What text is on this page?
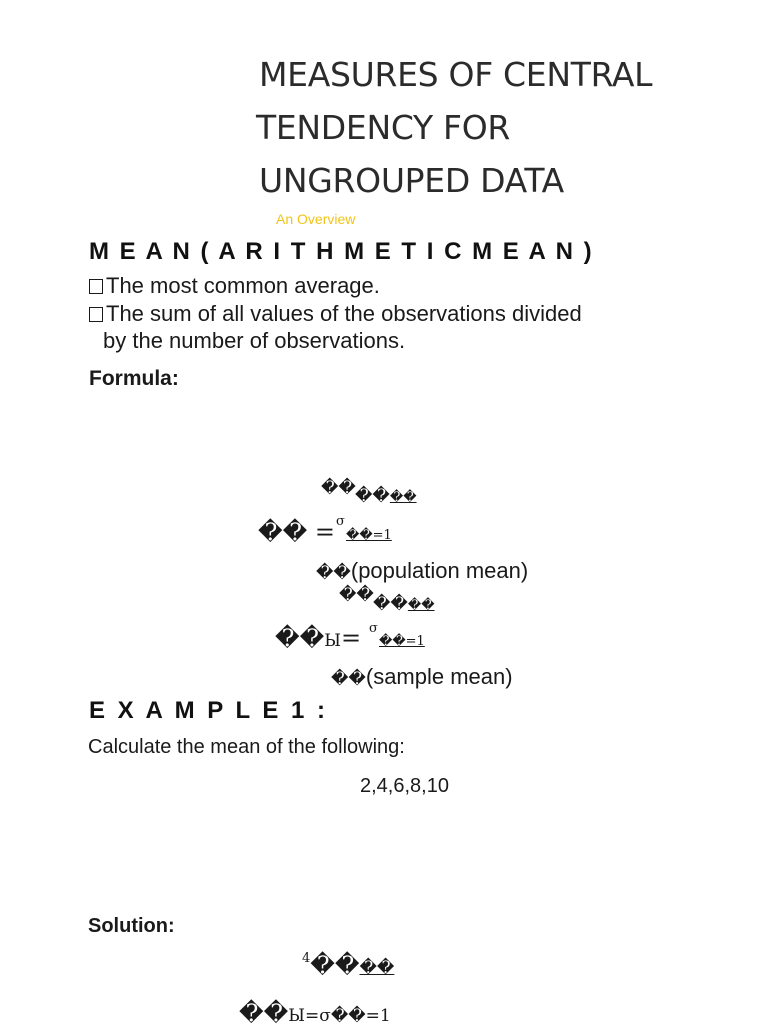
MEASURES OF CENTRAL
TENDENCY FOR
UNGROUPED DATA
An Overview
M E A N ( A R I T H M E T I C M E A N )
The most common average.
The sum of all values of the observations divided
by the number of observations.
Formula:
�� ����
�� = σ
��=1
��(population mean)
�� ����
��Ы= σ
��=1
��(sample mean)
E X A M P L E 1 :
Calculate the mean of the following:
2,4,6,8,10
Solution:
$^4$����
��Ы=σ��=1
